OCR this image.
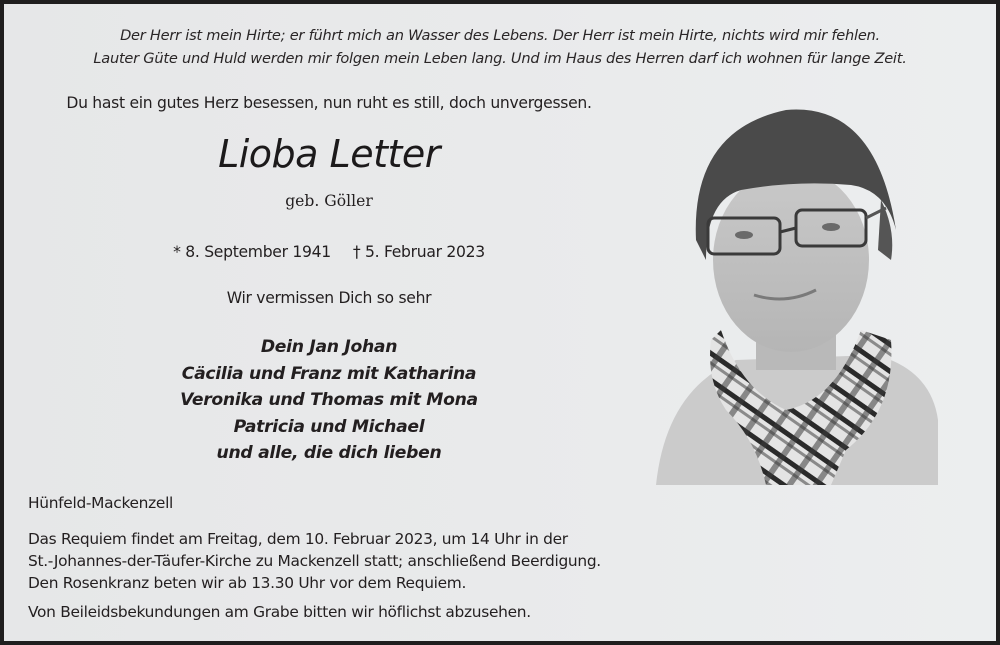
Der Herr ist mein Hirte; er führt mich an Wasser des Lebens. Der Herr ist mein Hirte, nichts wird mir fehlen.
Lauter Güte und Huld werden mir folgen mein Leben lang. Und im Haus des Herren darf ich wohnen für lange Zeit.
Du hast ein gutes Herz besessen, nun ruht es still, doch unvergessen.
Lioba Letter
geb. Göller
* 8. September 1941 † 5. Februar 2023
Wir vermissen Dich so sehr
Dein Jan Johan
Cäcilia und Franz mit Katharina
Veronika und Thomas mit Mona
Patricia und Michael
und alle, die dich lieben
Hünfeld-Mackenzell
Das Requiem findet am Freitag, dem 10. Februar 2023, um 14 Uhr in der
St.-Johannes-der-Täufer-Kirche zu Mackenzell statt; anschließend Beerdigung.
Den Rosenkranz beten wir ab 13.30 Uhr vor dem Requiem.
Von Beileidsbekundungen am Grabe bitten wir höflichst abzusehen.
